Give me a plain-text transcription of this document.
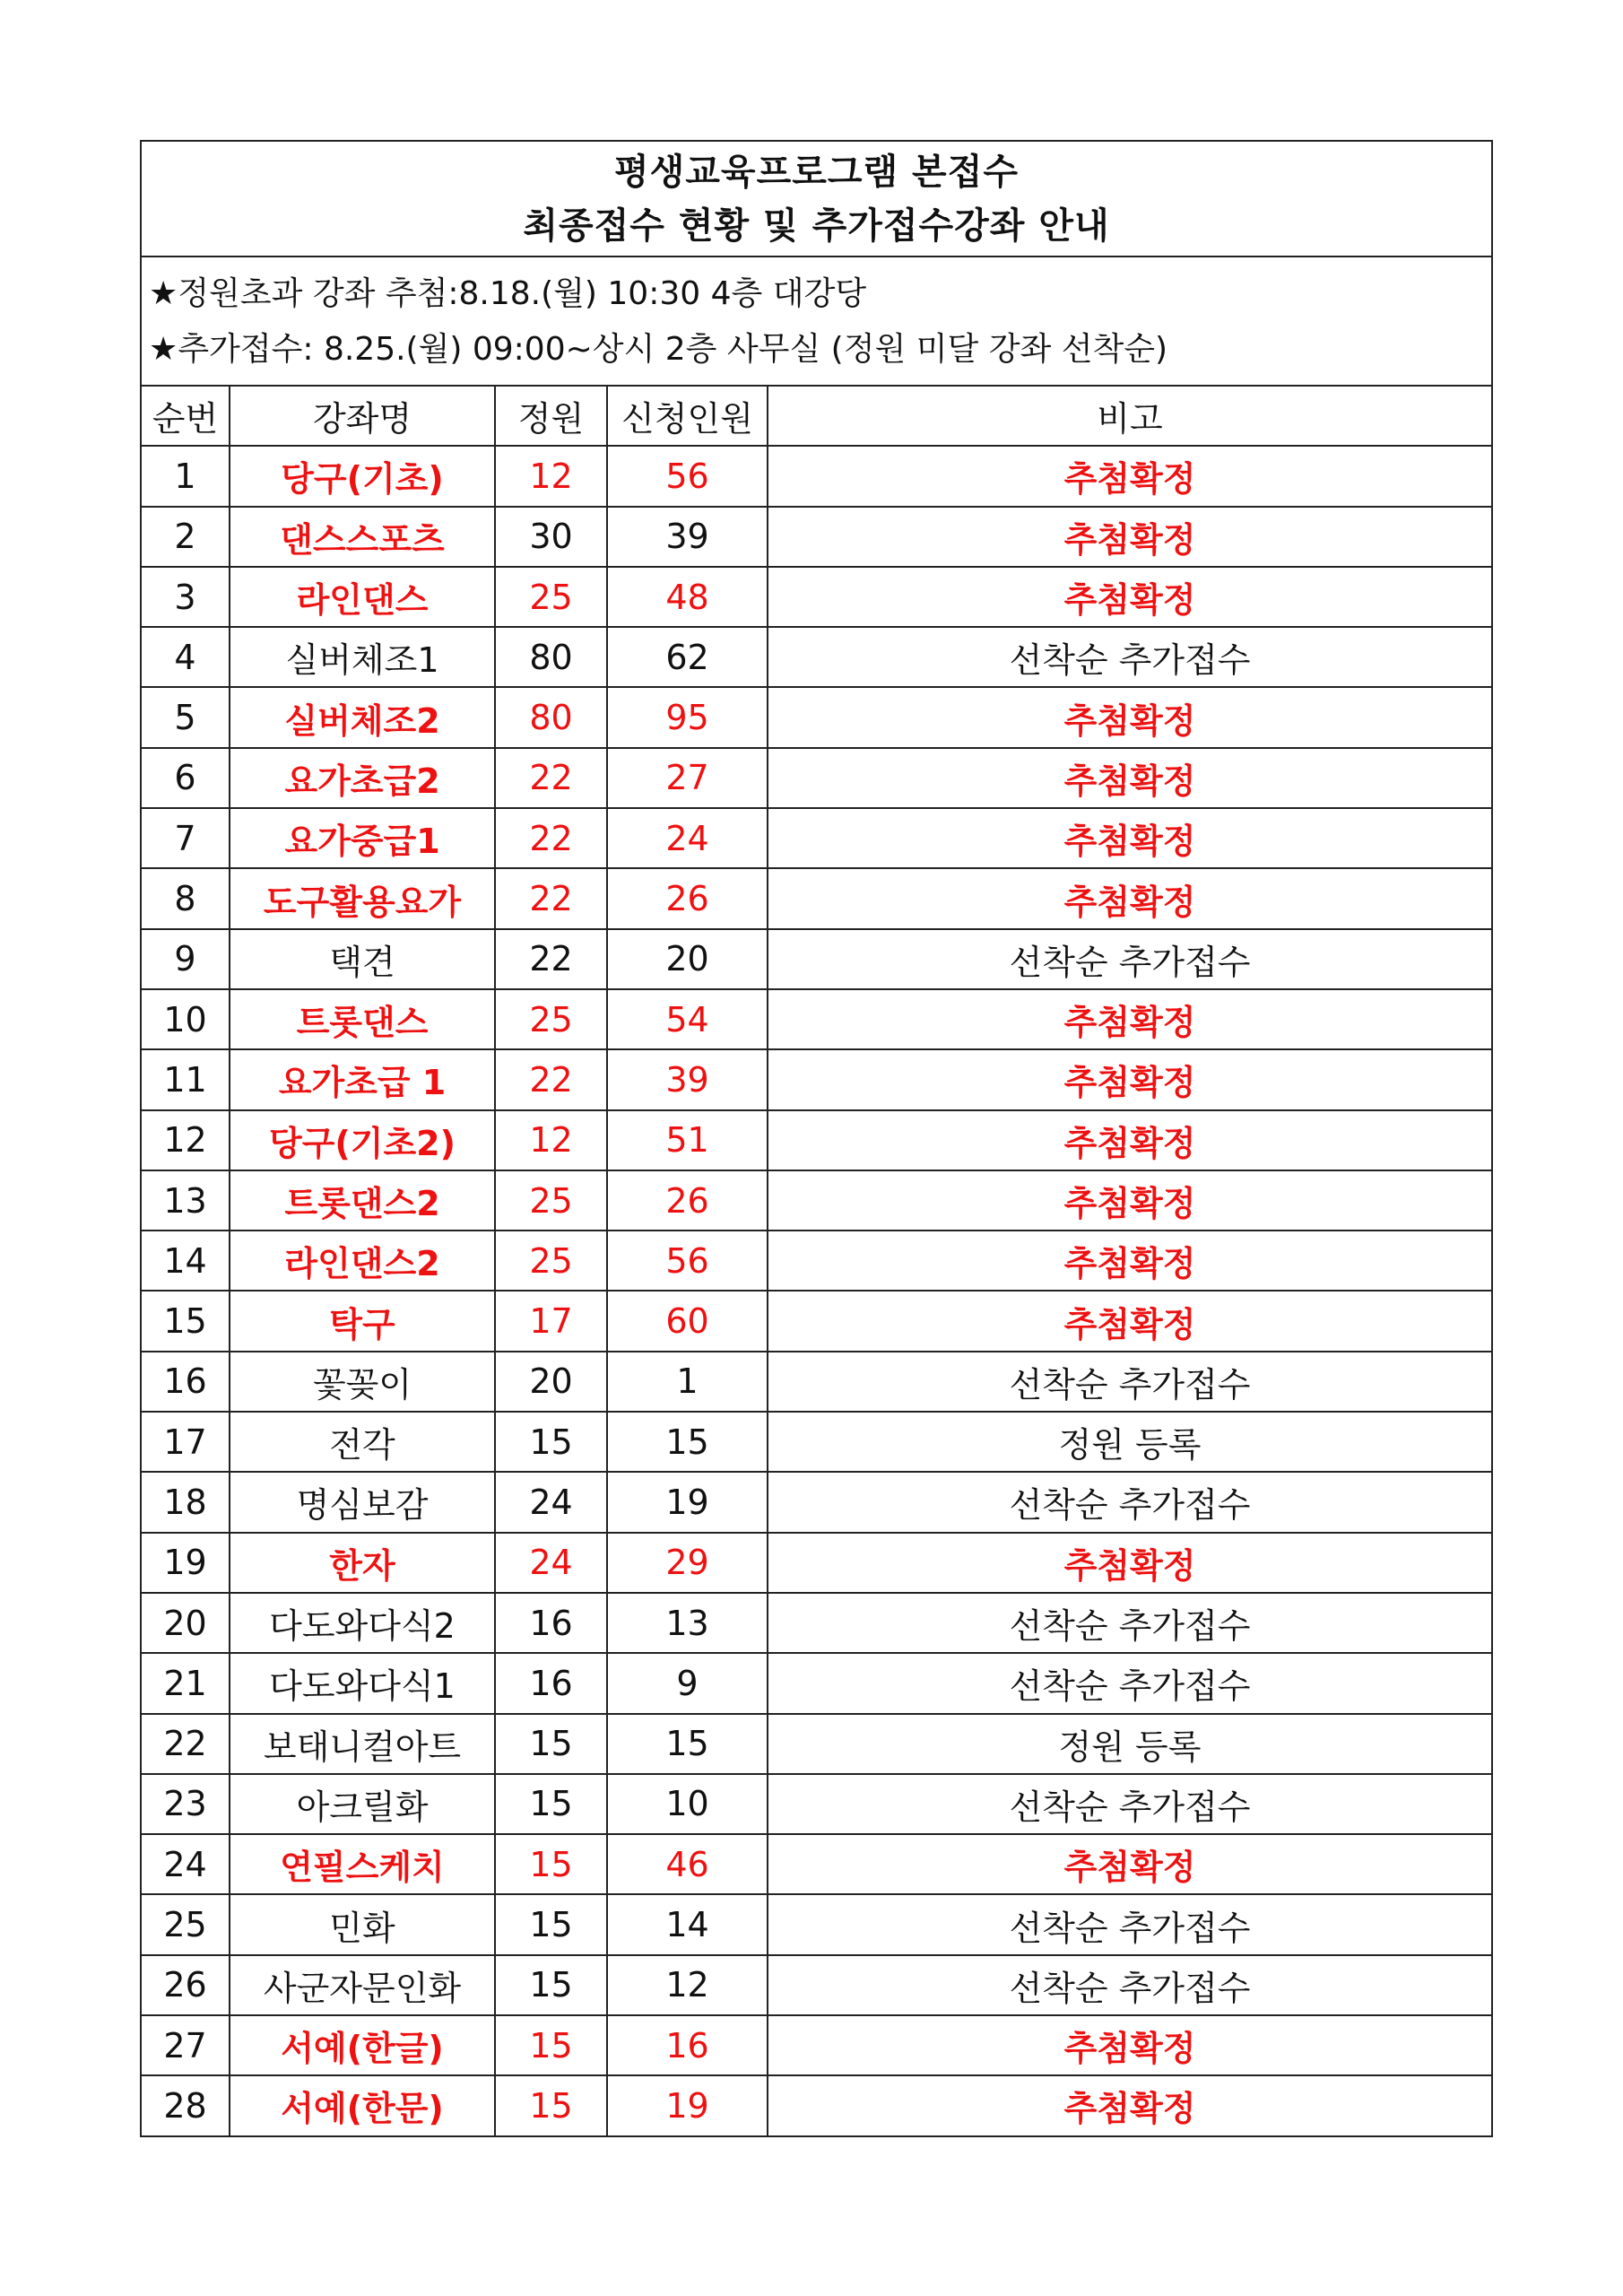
평생교육프로그램 본접수
최종접수 현황 및 추가접수강좌 안내
★정원초과 강좌 추첨:8.18.(월) 10:30 4층 대강당
★추가접수: 8.25.(월) 09:00~상시 2층 사무실 (정원 미달 강좌 선착순)
순번	강좌명	정원	신청인원	비고
1	당구(기초)	12	56	추첨확정
2	댄스스포츠	30	39	추첨확정
3	라인댄스	25	48	추첨확정
4	실버체조1	80	62	선착순 추가접수
5	실버체조2	80	95	추첨확정
6	요가초급2	22	27	추첨확정
7	요가중급1	22	24	추첨확정
8	도구활용요가	22	26	추첨확정
9	택견	22	20	선착순 추가접수
10	트롯댄스	25	54	추첨확정
11	요가초급 1	22	39	추첨확정
12	당구(기초2)	12	51	추첨확정
13	트롯댄스2	25	26	추첨확정
14	라인댄스2	25	56	추첨확정
15	탁구	17	60	추첨확정
16	꽃꽂이	20	1	선착순 추가접수
17	전각	15	15	정원 등록
18	명심보감	24	19	선착순 추가접수
19	한자	24	29	추첨확정
20	다도와다식2	16	13	선착순 추가접수
21	다도와다식1	16	9	선착순 추가접수
22	보태니컬아트	15	15	정원 등록
23	아크릴화	15	10	선착순 추가접수
24	연필스케치	15	46	추첨확정
25	민화	15	14	선착순 추가접수
26	사군자문인화	15	12	선착순 추가접수
27	서예(한글)	15	16	추첨확정
28	서예(한문)	15	19	추첨확정
